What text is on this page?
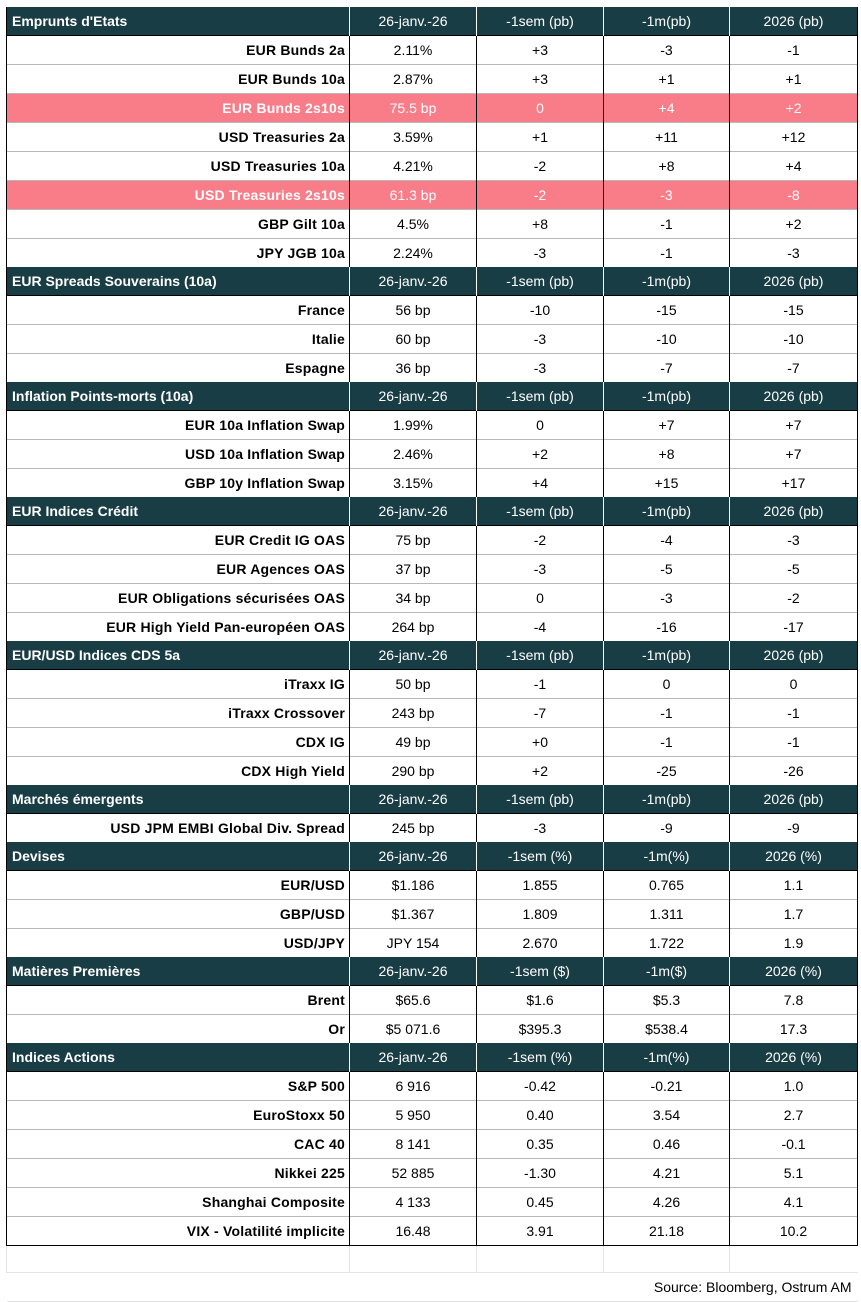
Emprunts d'Etats	26-janv.-26	-1sem (pb)	-1m(pb)	2026 (pb)
EUR Bunds 2a	2.11%	+3	-3	-1
EUR Bunds 10a	2.87%	+3	+1	+1
EUR Bunds 2s10s	75.5 bp	0	+4	+2
USD Treasuries 2a	3.59%	+1	+11	+12
USD Treasuries 10a	4.21%	-2	+8	+4
USD Treasuries 2s10s	61.3 bp	-2	-3	-8
GBP Gilt 10a	4.5%	+8	-1	+2
JPY JGB 10a	2.24%	-3	-1	-3
EUR Spreads Souverains (10a)	26-janv.-26	-1sem (pb)	-1m(pb)	2026 (pb)
France	56 bp	-10	-15	-15
Italie	60 bp	-3	-10	-10
Espagne	36 bp	-3	-7	-7
Inflation Points-morts (10a)	26-janv.-26	-1sem (pb)	-1m(pb)	2026 (pb)
EUR 10a Inflation Swap	1.99%	0	+7	+7
USD 10a Inflation Swap	2.46%	+2	+8	+7
GBP 10y Inflation Swap	3.15%	+4	+15	+17
EUR Indices Crédit	26-janv.-26	-1sem (pb)	-1m(pb)	2026 (pb)
EUR Credit IG OAS	75 bp	-2	-4	-3
EUR Agences OAS	37 bp	-3	-5	-5
EUR Obligations sécurisées OAS	34 bp	0	-3	-2
EUR High Yield Pan-européen OAS	264 bp	-4	-16	-17
EUR/USD Indices CDS 5a	26-janv.-26	-1sem (pb)	-1m(pb)	2026 (pb)
iTraxx IG	50 bp	-1	0	0
iTraxx Crossover	243 bp	-7	-1	-1
CDX IG	49 bp	+0	-1	-1
CDX High Yield	290 bp	+2	-25	-26
Marchés émergents	26-janv.-26	-1sem (pb)	-1m(pb)	2026 (pb)
USD JPM EMBI Global Div. Spread	245 bp	-3	-9	-9
Devises	26-janv.-26	-1sem (%)	-1m(%)	2026 (%)
EUR/USD	$1.186	1.855	0.765	1.1
GBP/USD	$1.367	1.809	1.311	1.7
USD/JPY	JPY 154	2.670	1.722	1.9
Matières Premières	26-janv.-26	-1sem ($)	-1m($)	2026 (%)
Brent	$65.6	$1.6	$5.3	7.8
Or	$5 071.6	$395.3	$538.4	17.3
Indices Actions	26-janv.-26	-1sem (%)	-1m(%)	2026 (%)
S&P 500	6 916	-0.42	-0.21	1.0
EuroStoxx 50	5 950	0.40	3.54	2.7
CAC 40	8 141	0.35	0.46	-0.1
Nikkei 225	52 885	-1.30	4.21	5.1
Shanghai Composite	4 133	0.45	4.26	4.1
VIX - Volatilité implicite	16.48	3.91	21.18	10.2

Source: Bloomberg, Ostrum AM				
